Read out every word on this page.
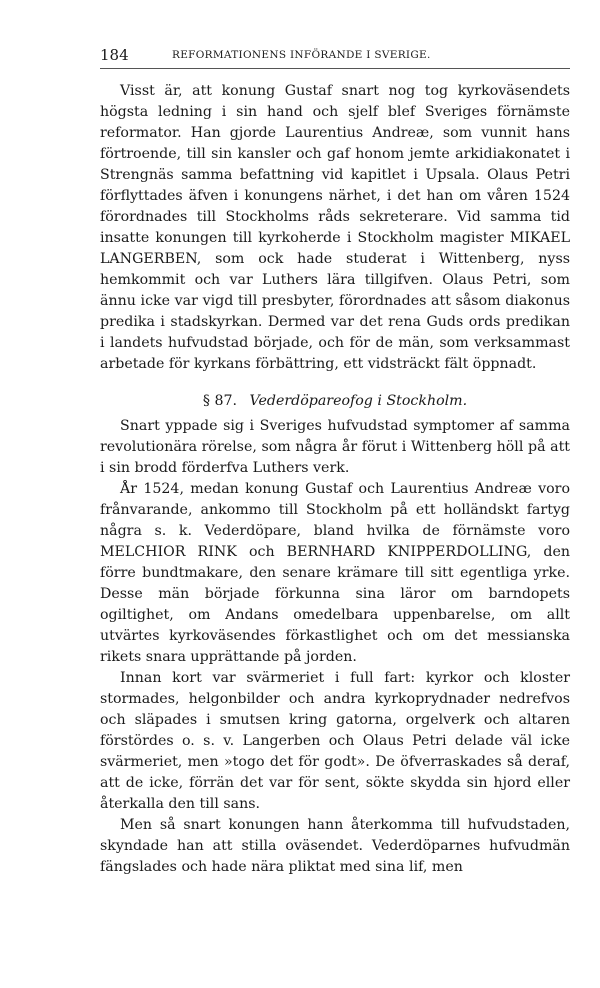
184	REFORMATIONENS INFÖRANDE I SVERIGE.

Visst är, att konung Gustaf snart nog tog kyrkoväsendets högsta ledning i sin hand och sjelf blef Sveriges förnämste reformator. Han gjorde Laurentius Andreæ, som vunnit hans förtroende, till sin kansler och gaf honom jemte arkidiakonatet i Strengnäs samma befattning vid kapitlet i Upsala. Olaus Petri förflyttades äfven i konungens närhet, i det han om våren 1524 förordnades till Stockholms råds sekreterare. Vid samma tid insatte konungen till kyrkoherde i Stockholm magister MIKAEL LANGERBEN, som ock hade studerat i Wittenberg, nyss hemkommit och var Luthers lära tillgifven. Olaus Petri, som ännu icke var vigd till presbyter, förordnades att såsom diakonus predika i stadskyrkan. Dermed var det rena Guds ords predikan i landets hufvudstad började, och för de män, som verksammast arbetade för kyrkans förbättring, ett vidsträckt fält öppnadt.

§ 87. Vederdöpareofog i Stockholm.

Snart yppade sig i Sveriges hufvudstad symptomer af samma revolutionära rörelse, som några år förut i Wittenberg höll på att i sin brodd förderfva Luthers verk.

År 1524, medan konung Gustaf och Laurentius Andreæ voro frånvarande, ankommo till Stockholm på ett holländskt fartyg några s. k. Vederdöpare, bland hvilka de förnämste voro MELCHIOR RINK och BERNHARD KNIPPERDOLLING, den förre bundtmakare, den senare krämare till sitt egentliga yrke. Desse män började förkunna sina läror om barndopets ogiltighet, om Andans omedelbara uppenbarelse, om allt utvärtes kyrkoväsendes förkastlighet och om det messianska rikets snara upprättande på jorden.

Innan kort var svärmeriet i full fart: kyrkor och kloster stormades, helgonbilder och andra kyrkoprydnader nedrefvos och släpades i smutsen kring gatorna, orgelverk och altaren förstördes o. s. v. Langerben och Olaus Petri delade väl icke svärmeriet, men »togo det för godt». De öfverraskades så deraf, att de icke, förrän det var för sent, sökte skydda sin hjord eller återkalla den till sans.

Men så snart konungen hann återkomma till hufvudstaden, skyndade han att stilla oväsendet. Vederdöparnes hufvudmän fängslades och hade nära pliktat med sina lif, men
